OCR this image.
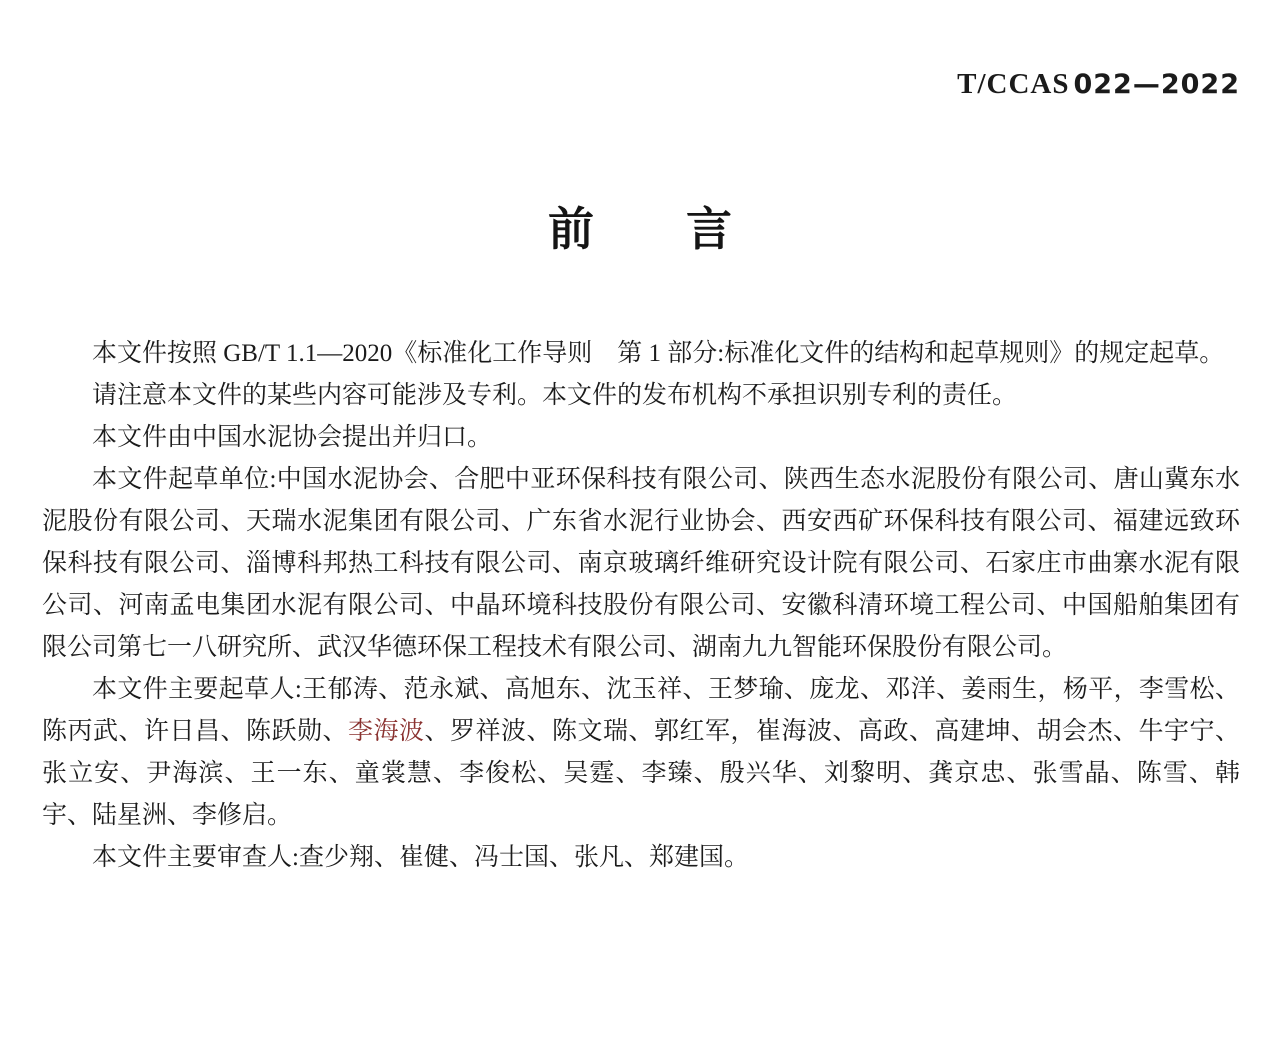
T/CCAS 022—2022
前言

本文件按照 GB/T 1.1—2020《标准化工作导则　第 1 部分:标准化文件的结构和起草规则》的规定起草。

请注意本文件的某些内容可能涉及专利。本文件的发布机构不承担识别专利的责任。

本文件由中国水泥协会提出并归口。

本文件起草单位:中国水泥协会、合肥中亚环保科技有限公司、陕西生态水泥股份有限公司、唐山冀东水泥股份有限公司、天瑞水泥集团有限公司、广东省水泥行业协会、西安西矿环保科技有限公司、福建远致环保科技有限公司、淄博科邦热工科技有限公司、南京玻璃纤维研究设计院有限公司、石家庄市曲寨水泥有限公司、河南孟电集团水泥有限公司、中晶环境科技股份有限公司、安徽科清环境工程公司、中国船舶集团有限公司第七一八研究所、武汉华德环保工程技术有限公司、湖南九九智能环保股份有限公司。

本文件主要起草人:王郁涛、范永斌、高旭东、沈玉祥、王梦瑜、庞龙、邓洋、姜雨生，杨平，李雪松、陈丙武、许日昌、陈跃勋、李海波、罗祥波、陈文瑞、郭红军，崔海波、高政、高建坤、胡会杰、牛宇宁、张立安、尹海滨、王一东、童裳慧、李俊松、吴霆、李臻、殷兴华、刘黎明、龚京忠、张雪晶、陈雪、韩宇、陆星洲、李修启。

本文件主要审查人:查少翔、崔健、冯士国、张凡、郑建国。
